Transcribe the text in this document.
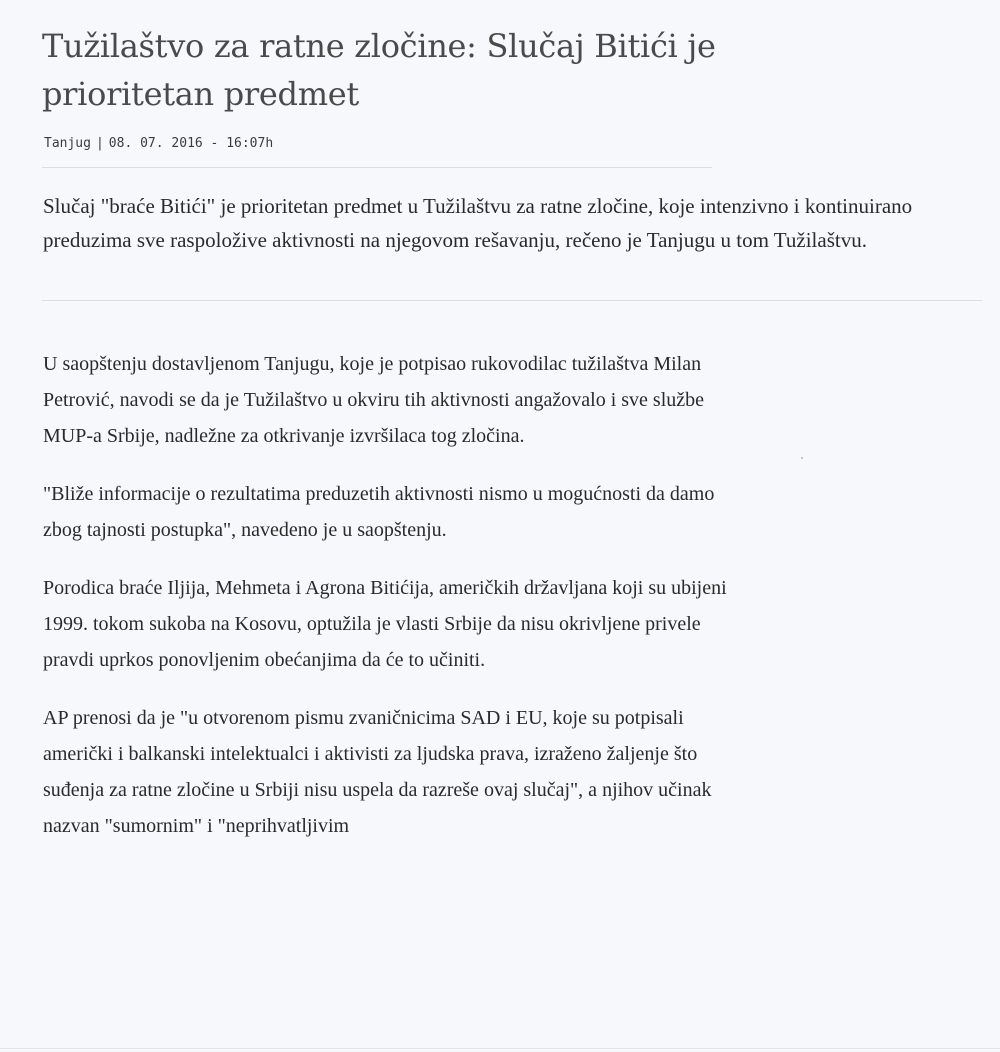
Tužilaštvo za ratne zločine: Slučaj Bitići je prioritetan predmet
Tanjug | 08. 07. 2016 - 16:07h

Slučaj "braće Bitići" je prioritetan predmet u Tužilaštvu za ratne zločine, koje intenzivno i kontinuirano preduzima sve raspoložive aktivnosti na njegovom rešavanju, rečeno je Tanjugu u tom Tužilaštvu.

U saopštenju dostavljenom Tanjugu, koje je potpisao rukovodilac tužilaštva Milan Petrović, navodi se da je Tužilaštvo u okviru tih aktivnosti angažovalo i sve službe MUP-a Srbije, nadležne za otkrivanje izvršilaca tog zločina.

"Bliže informacije o rezultatima preduzetih aktivnosti nismo u mogućnosti da damo zbog tajnosti postupka", navedeno je u saopštenju.

Porodica braće Iljija, Mehmeta i Agrona Bitićija, američkih državljana koji su ubijeni 1999. tokom sukoba na Kosovu, optužila je vlasti Srbije da nisu okrivljene privele pravdi uprkos ponovljenim obećanjima da će to učiniti.

AP prenosi da je "u otvorenom pismu zvaničnicima SAD i EU, koje su potpisali američki i balkanski intelektualci i aktivisti za ljudska prava, izraženo žaljenje što suđenja za ratne zločine u Srbiji nisu uspela da razreše ovaj slučaj", a njihov učinak nazvan "sumornim" i "neprihvatljivim
